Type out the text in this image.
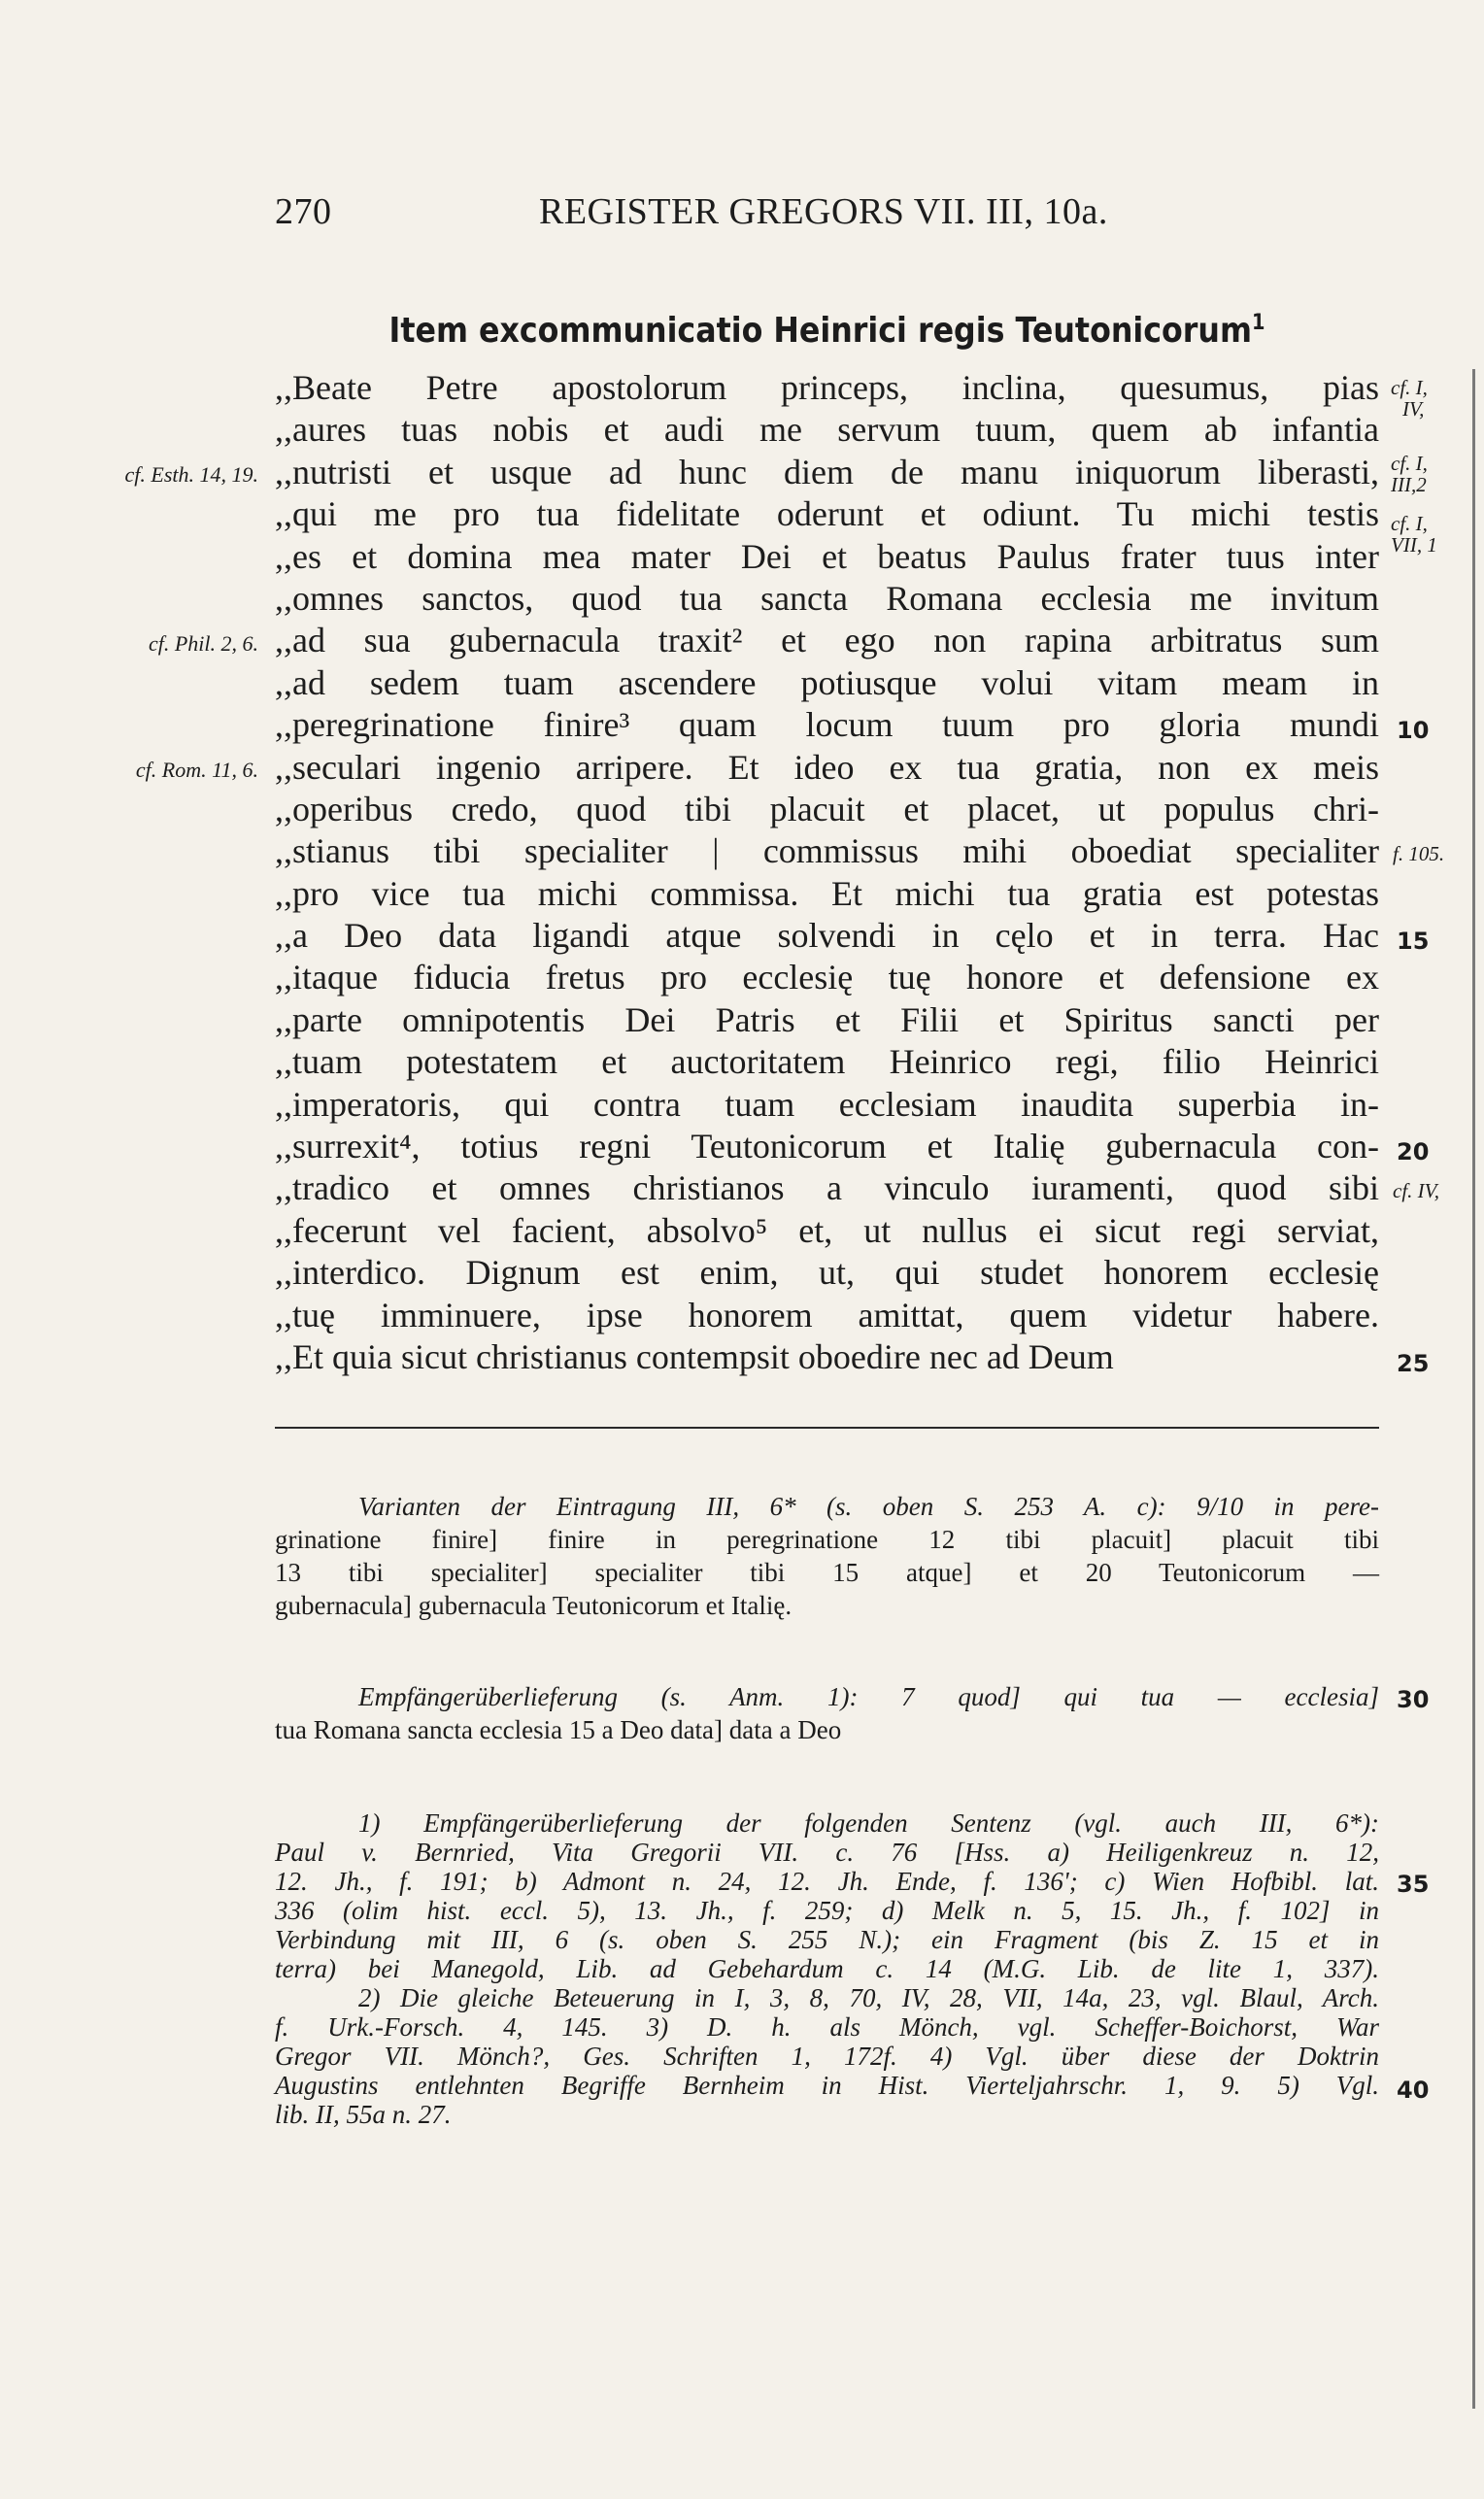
270	REGISTER GREGORS VII. III, 10a.
Item excommunicatio Heinrici regis Teutonicorum$^1$
,,Beate Petre apostolorum princeps, inclina, quesumus, pias
,,aures tuas nobis et audi me servum tuum, quem ab infantia
,,nutristi et usque ad hunc diem de manu iniquorum liberasti,
,,qui me pro tua fidelitate oderunt et odiunt. Tu michi testis
,,es et domina mea mater Dei et beatus Paulus frater tuus inter
,,omnes sanctos, quod tua sancta Romana ecclesia me invitum
,,ad sua gubernacula traxit² et ego non rapina arbitratus sum
,,ad sedem tuam ascendere potiusque volui vitam meam in
,,peregrinatione finire³ quam locum tuum pro gloria mundi
,,seculari ingenio arripere. Et ideo ex tua gratia, non ex meis
,,operibus credo, quod tibi placuit et placet, ut populus chri-
,,stianus tibi specialiter | commissus mihi oboediat specialiter
,,pro vice tua michi commissa. Et michi tua gratia est potestas
,,a Deo data ligandi atque solvendi in cęlo et in terra. Hac
,,itaque fiducia fretus pro ecclesię tuę honore et defensione ex
,,parte omnipotentis Dei Patris et Filii et Spiritus sancti per
,,tuam potestatem et auctoritatem Heinrico regi, filio Heinrici
,,imperatoris, qui contra tuam ecclesiam inaudita superbia in-
,,surrexit⁴, totius regni Teutonicorum et Italię gubernacula con-
,,tradico et omnes christianos a vinculo iuramenti, quod sibi
,,fecerunt vel facient, absolvo⁵ et, ut nullus ei sicut regi serviat,
,,interdico. Dignum est enim, ut, qui studet honorem ecclesię
,,tuę imminuere, ipse honorem amittat, quem videtur habere.
,,Et quia sicut christianus contempsit oboedire nec ad Deum
cf. Esth. 14, 19.
cf. Phil. 2, 6.
cf. Rom. 11, 6.
cf. I,
IV,
cf. I,
III,2
cf. I,
VII, 1
f. 105.
cf. IV,
10
15
20
25
30
35
40
Varianten der Eintragung III, 6* (s. oben S. 253 A. c): 9/10 in pere-
grinatione finire] finire in peregrinatione 12 tibi placuit] placuit tibi
13 tibi specialiter] specialiter tibi 15 atque] et 20 Teutonicorum —
gubernacula] gubernacula Teutonicorum et Italię.
Empfängerüberlieferung (s. Anm. 1): 7 quod] qui tua — ecclesia]
tua Romana sancta ecclesia 15 a Deo data] data a Deo
1) Empfängerüberlieferung der folgenden Sentenz (vgl. auch III, 6*):
Paul v. Bernried, Vita Gregorii VII. c. 76 [Hss. a) Heiligenkreuz n. 12,
12. Jh., f. 191; b) Admont n. 24, 12. Jh. Ende, f. 136'; c) Wien Hofbibl. lat.
336 (olim hist. eccl. 5), 13. Jh., f. 259; d) Melk n. 5, 15. Jh., f. 102] in
Verbindung mit III, 6 (s. oben S. 255 N.); ein Fragment (bis Z. 15 et in
terra) bei Manegold, Lib. ad Gebehardum c. 14 (M.G. Lib. de lite 1, 337).
2) Die gleiche Beteuerung in I, 3, 8, 70, IV, 28, VII, 14a, 23, vgl. Blaul, Arch.
f. Urk.-Forsch. 4, 145. 3) D. h. als Mönch, vgl. Scheffer-Boichorst, War
Gregor VII. Mönch?, Ges. Schriften 1, 172f. 4) Vgl. über diese der Doktrin
Augustins entlehnten Begriffe Bernheim in Hist. Vierteljahrschr. 1, 9. 5) Vgl.
lib. II, 55a n. 27.
